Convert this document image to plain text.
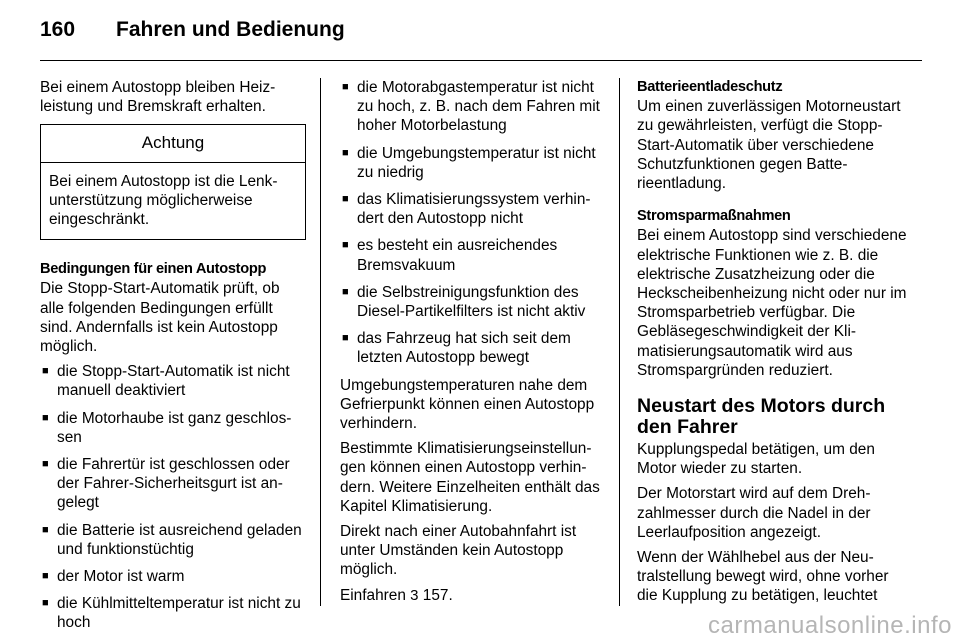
160 Fahren und Bedienung

Bei einem Autostopp bleiben Heizleistung und Bremskraft erhalten.

Achtung
Bei einem Autostopp ist die Lenkunterstützung möglicherweise eingeschränkt.
Bedingungen für einen Autostopp

Die Stopp-Start-Automatik prüft, ob alle folgenden Bedingungen erfüllt sind. Andernfalls ist kein Autostopp möglich.

■ die Stopp-Start-Automatik ist nicht manuell deaktiviert
■ die Motorhaube ist ganz geschlossen
■ die Fahrertür ist geschlossen oder der Fahrer-Sicherheitsgurt ist angelegt
■ die Batterie ist ausreichend geladen und funktionstüchtig
■ der Motor ist warm
■ die Kühlmitteltemperatur ist nicht zu hoch
■ die Motorabgastemperatur ist nicht zu hoch, z. B. nach dem Fahren mit hoher Motorbelastung
■ die Umgebungstemperatur ist nicht zu niedrig
■ das Klimatisierungssystem verhindert den Autostopp nicht
■ es besteht ein ausreichendes Bremsvakuum
■ die Selbstreinigungsfunktion des Diesel-Partikelfilters ist nicht aktiv
■ das Fahrzeug hat sich seit dem letzten Autostopp bewegt

Umgebungstemperaturen nahe dem Gefrierpunkt können einen Autostopp verhindern.

Bestimmte Klimatisierungseinstellungen können einen Autostopp verhindern. Weitere Einzelheiten enthält das Kapitel Klimatisierung.

Direkt nach einer Autobahnfahrt ist unter Umständen kein Autostopp möglich.

Einfahren 3 157.

Batterieentladeschutz

Um einen zuverlässigen Motorneustart zu gewährleisten, verfügt die Stopp-Start-Automatik über verschiedene Schutzfunktionen gegen Batterieentladung.

Stromsparmaßnahmen

Bei einem Autostopp sind verschiedene elektrische Funktionen wie z. B. die elektrische Zusatzheizung oder die Heckscheibenheizung nicht oder nur im Stromsparbetrieb verfügbar. Die Gebläsegeschwindigkeit der Klimatisierungsautomatik wird aus Stromspargründen reduziert.

Neustart des Motors durch den Fahrer

Kupplungspedal betätigen, um den Motor wieder zu starten.

Der Motorstart wird auf dem Drehzahlmesser durch die Nadel in der Leerlaufposition angezeigt.

Wenn der Wählhebel aus der Neutralstellung bewegt wird, ohne vorher die Kupplung zu betätigen, leuchtet

carmanualsonline.info
